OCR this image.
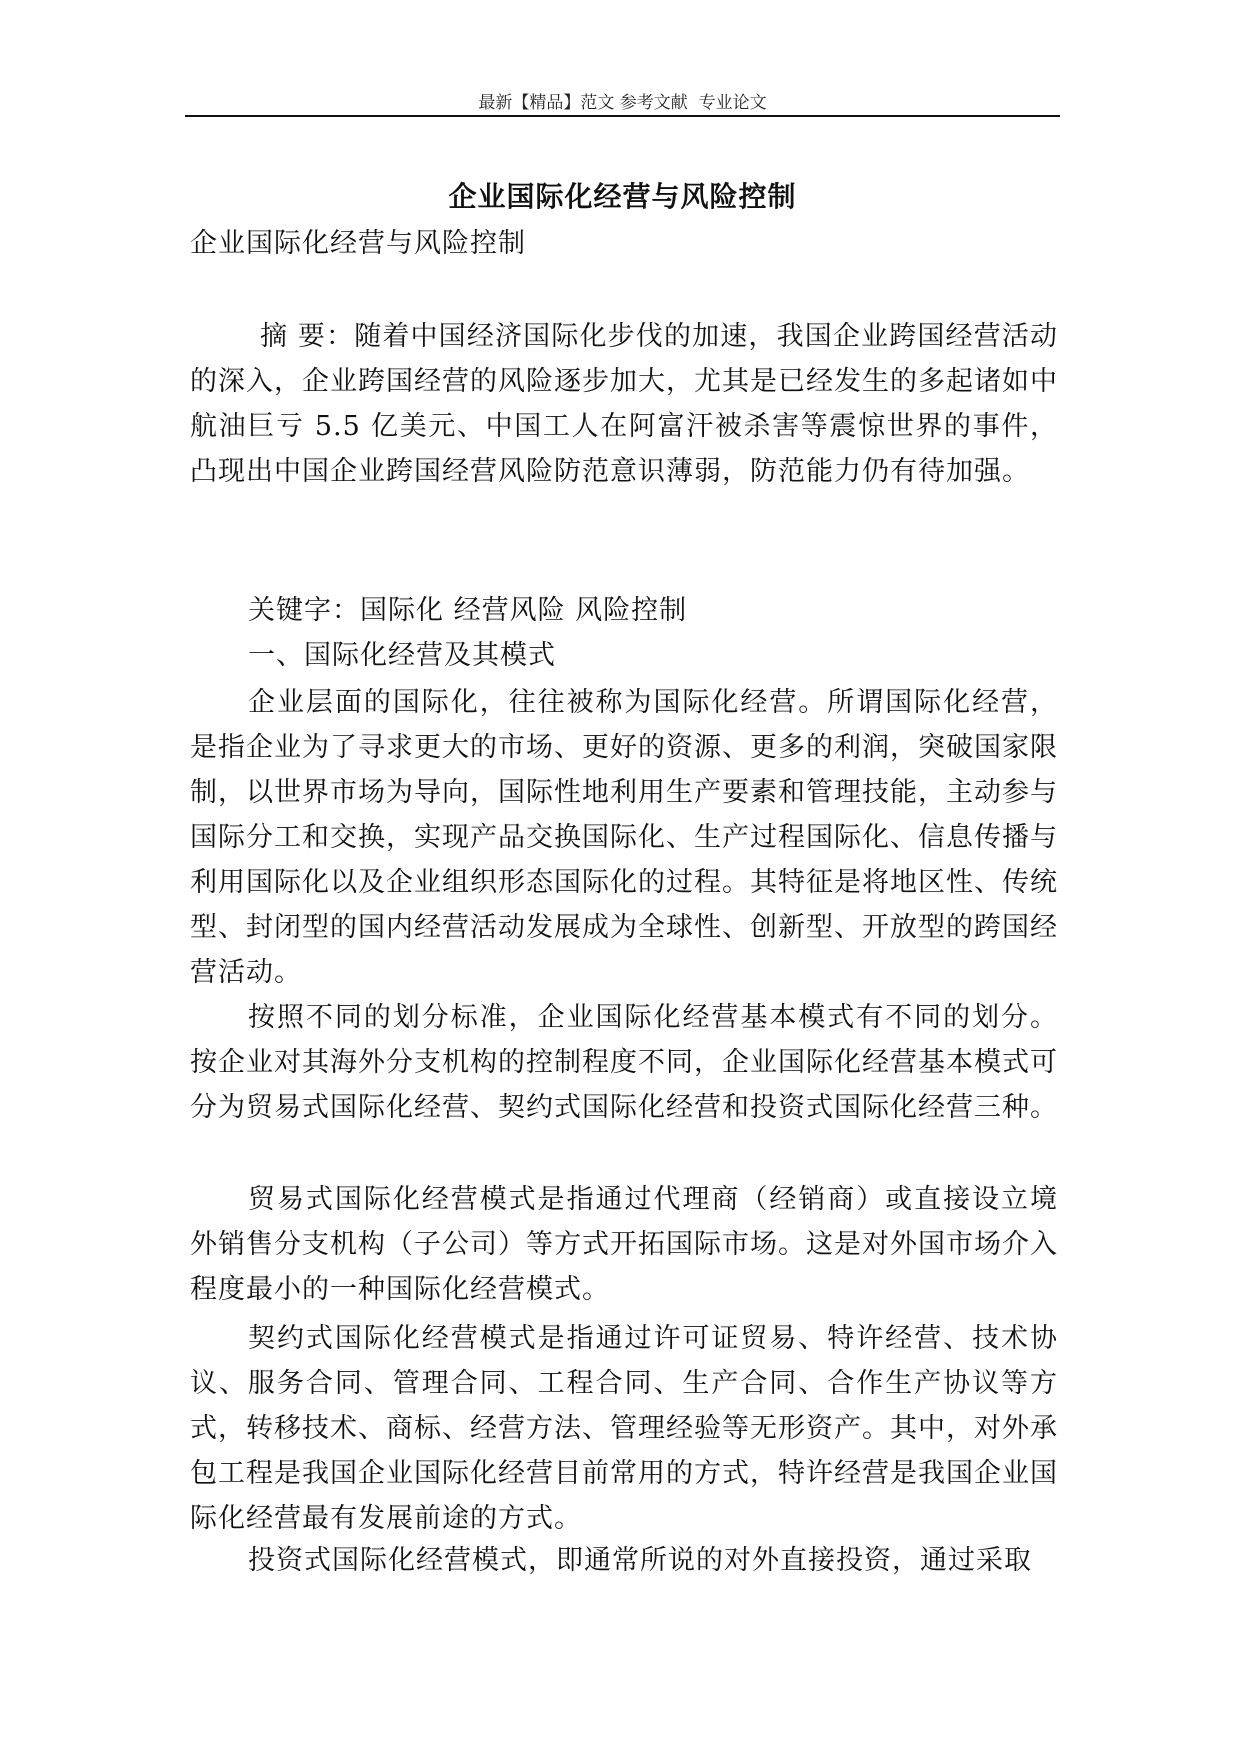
最新【精品】范文 参考文献  专业论文
企业国际化经营与风险控制

企业国际化经营与风险控制

摘 要：随着中国经济国际化步伐的加速，我国企业跨国经营活动的深入，企业跨国经营的风险逐步加大，尤其是已经发生的多起诸如中航油巨亏 5.5 亿美元、中国工人在阿富汗被杀害等震惊世界的事件，凸现出中国企业跨国经营风险防范意识薄弱，防范能力仍有待加强。

关键字：国际化 经营风险 风险控制

一、国际化经营及其模式

企业层面的国际化，往往被称为国际化经营。所谓国际化经营，是指企业为了寻求更大的市场、更好的资源、更多的利润，突破国家限制，以世界市场为导向，国际性地利用生产要素和管理技能，主动参与国际分工和交换，实现产品交换国际化、生产过程国际化、信息传播与利用国际化以及企业组织形态国际化的过程。其特征是将地区性、传统型、封闭型的国内经营活动发展成为全球性、创新型、开放型的跨国经营活动。

按照不同的划分标准，企业国际化经营基本模式有不同的划分。按企业对其海外分支机构的控制程度不同，企业国际化经营基本模式可分为贸易式国际化经营、契约式国际化经营和投资式国际化经营三种。

贸易式国际化经营模式是指通过代理商（经销商）或直接设立境外销售分支机构（子公司）等方式开拓国际市场。这是对外国市场介入程度最小的一种国际化经营模式。

契约式国际化经营模式是指通过许可证贸易、特许经营、技术协议、服务合同、管理合同、工程合同、生产合同、合作生产协议等方式，转移技术、商标、经营方法、管理经验等无形资产。其中，对外承包工程是我国企业国际化经营目前常用的方式，特许经营是我国企业国际化经营最有发展前途的方式。

投资式国际化经营模式，即通常所说的对外直接投资，通过采取
